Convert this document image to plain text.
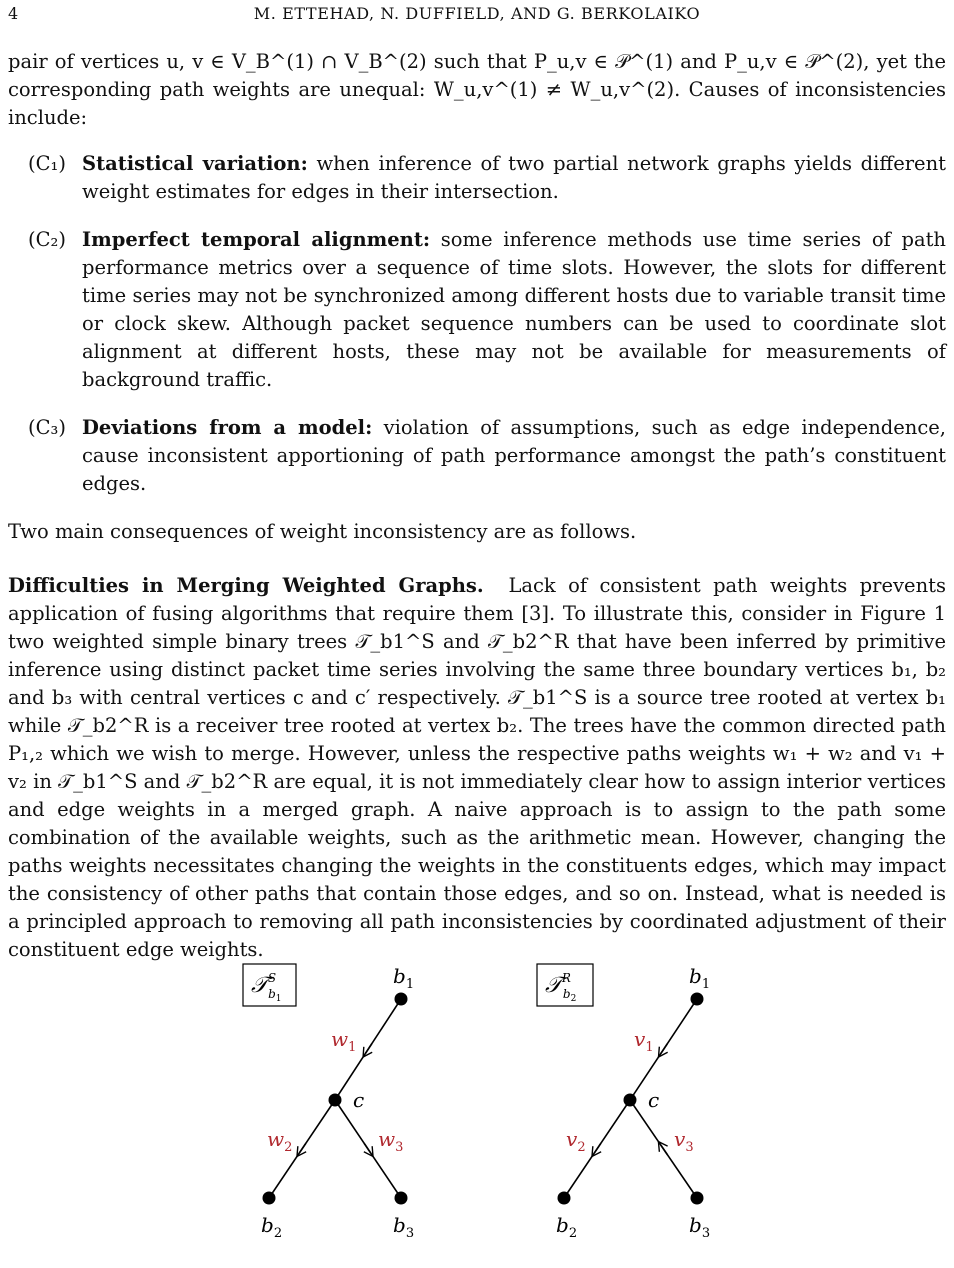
4	M. ETTEHAD, N. DUFFIELD, AND G. BERKOLAIKO

pair of vertices u, v ∈ V_B^(1) ∩ V_B^(2) such that P_u,v ∈ 𝒫^(1) and P_u,v ∈ 𝒫^(2), yet the corresponding path weights are unequal: W_u,v^(1) ≠ W_u,v^(2). Causes of inconsistencies include:

(C₁) Statistical variation: when inference of two partial network graphs yields different weight estimates for edges in their intersection.
(C₂) Imperfect temporal alignment: some inference methods use time series of path performance metrics over a sequence of time slots. However, the slots for different time series may not be synchronized among different hosts due to variable transit time or clock skew. Although packet sequence numbers can be used to coordinate slot alignment at different hosts, these may not be available for measurements of background traffic.
(C₃) Deviations from a model: violation of assumptions, such as edge independence, cause inconsistent apportioning of path performance amongst the path’s constituent edges.

Two main consequences of weight inconsistency are as follows.

Difficulties in Merging Weighted Graphs. Lack of consistent path weights prevents application of fusing algorithms that require them [3]. To illustrate this, consider in Figure 1 two weighted simple binary trees 𝒯_b1^S and 𝒯_b2^R that have been inferred by primitive inference using distinct packet time series involving the same three boundary vertices b₁, b₂ and b₃ with central vertices c and c′ respectively. 𝒯_b1^S is a source tree rooted at vertex b₁ while 𝒯_b2^R is a receiver tree rooted at vertex b₂. The trees have the common directed path P₁,₂ which we wish to merge. However, unless the respective paths weights w₁ + w₂ and v₁ + v₂ in 𝒯_b1^S and 𝒯_b2^R are equal, it is not immediately clear how to assign interior vertices and edge weights in a merged graph. A naive approach is to assign to the path some combination of the available weights, such as the arithmetic mean. However, changing the paths weights necessitates changing the weights in the constituents edges, which may impact the consistency of other paths that contain those edges, and so on. Instead, what is needed is a principled approach to removing all path inconsistencies by coordinated adjustment of their constituent edge weights.

𝒯$^S$ b1
$b_1$
c
$b_2$	$b_3$
$w_1$
$w_2$	$w_3$
𝒯$^R$ b2
$b_1$
c
$b_2$	$b_3$
$v_1$
$v_2$	$v_3$
